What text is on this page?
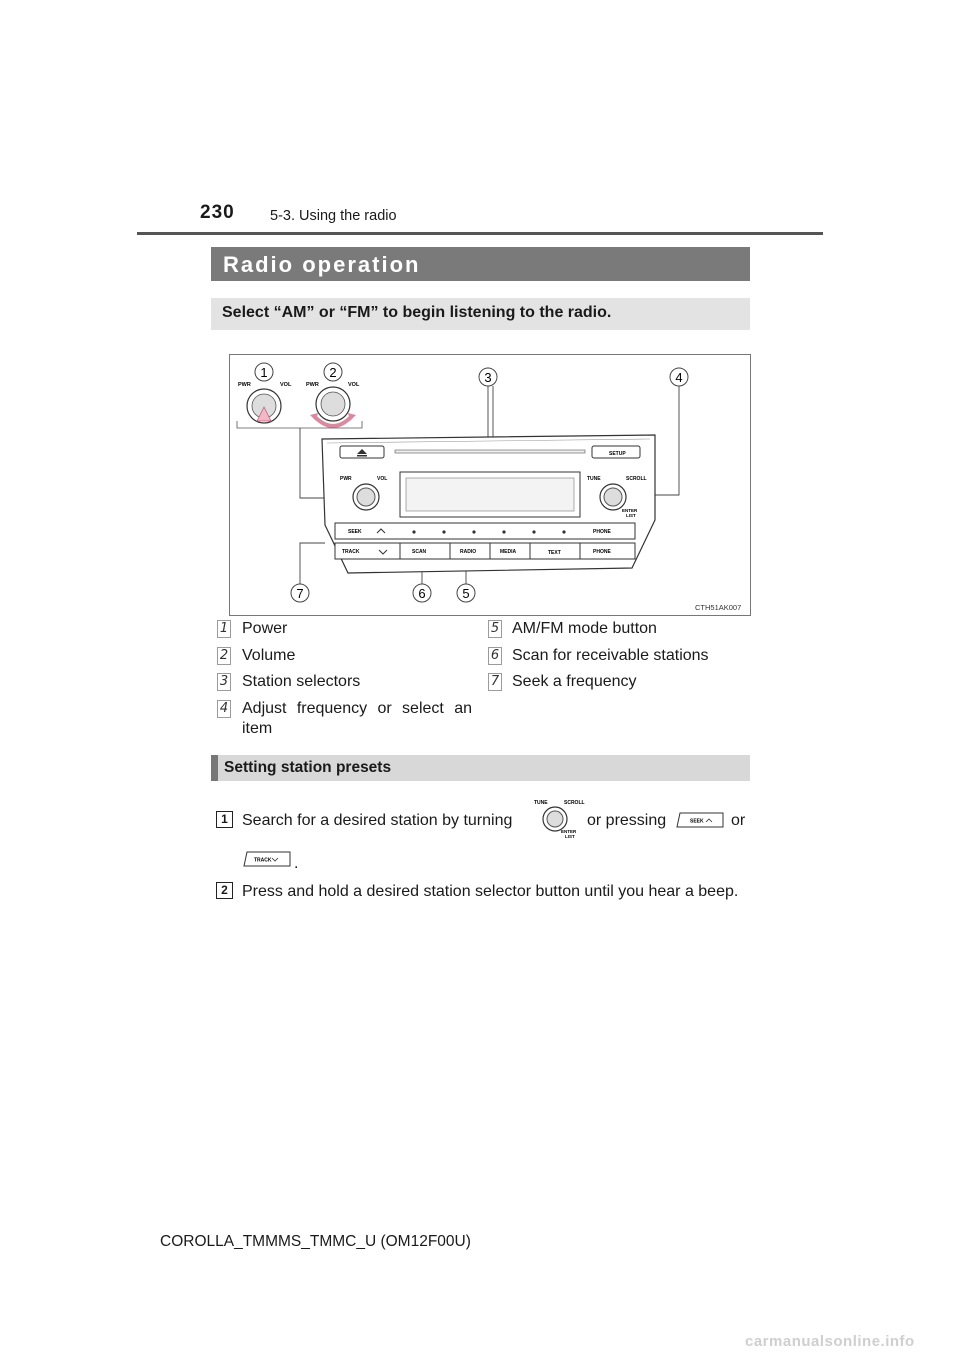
230 5-3. Using the radio
Radio operation
Select “AM” or “FM” to begin listening to the radio.
PWR	VOL	PWR	VOL
1	2	3	4
5
6
7
SETUP
PWR	VOL	TUNE	SCROLL
ENTER
LIST
SEEK	PHONE
TRACK	SCAN	RADIO	MEDIA	TEXT	PHONE
CTH51AK007
1 Power
2 Volume
3 Station selectors
4 Adjust frequency or select an item
5 AM/FM mode button
6 Scan for receivable stations
7 Seek a frequency
Setting station presets
1 Search for a desired station by turning
TUNE	SCROLL
ENTER
LIST
or pressing	SEEK or
TRACK .
2 Press and hold a desired station selector button until you hear a beep.
COROLLA_TMMMS_TMMC_U (OM12F00U)
carmanualsonline.info
